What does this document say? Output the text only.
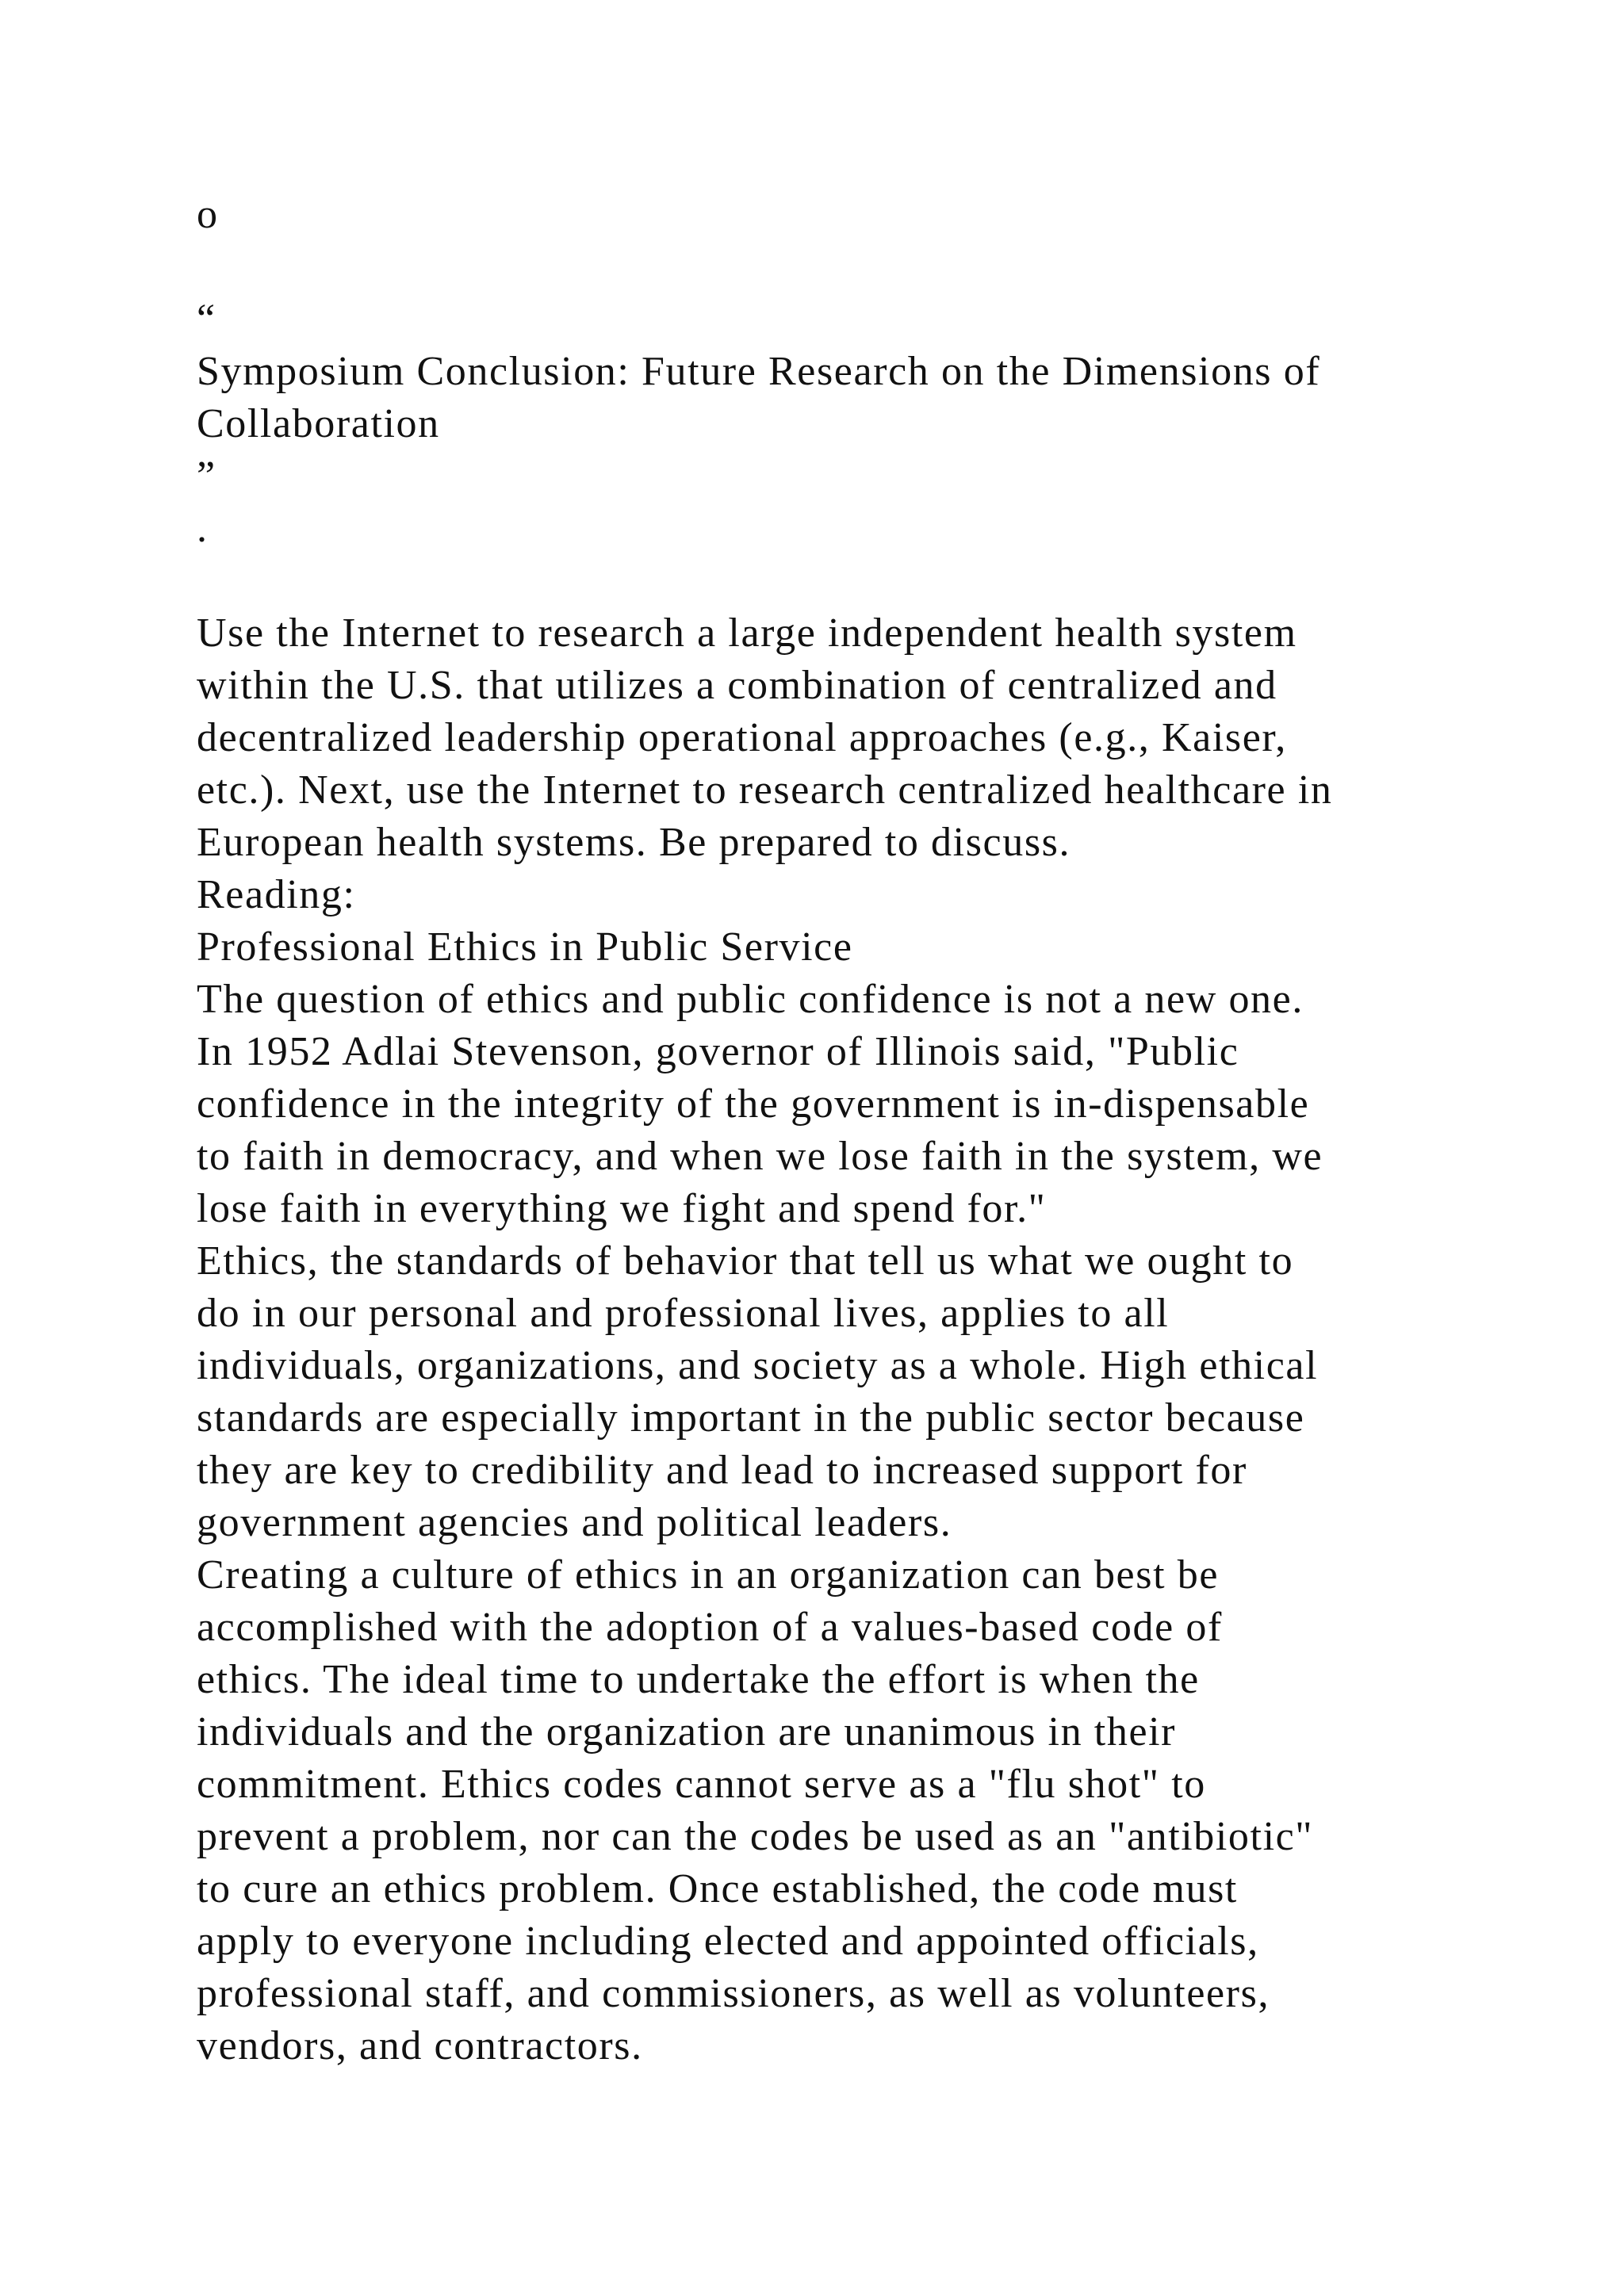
o
“
Symposium Conclusion: Future Research on the Dimensions of
Collaboration
”
.
Use the Internet to research a large independent health system
within the U.S. that utilizes a combination of centralized and
decentralized leadership operational approaches (e.g., Kaiser,
etc.). Next, use the Internet to research centralized healthcare in
European health systems. Be prepared to discuss.
Reading:
Professional Ethics in Public Service
The question of ethics and public confidence is not a new one.
In 1952 Adlai Stevenson, governor of Illinois said, "Public
confidence in the integrity of the government is in-dispensable
to faith in democracy, and when we lose faith in the system, we
lose faith in everything we fight and spend for."
Ethics, the standards of behavior that tell us what we ought to
do in our personal and professional lives, applies to all
individuals, organizations, and society as a whole. High ethical
standards are especially important in the public sector because
they are key to credibility and lead to increased support for
government agencies and political leaders.
Creating a culture of ethics in an organization can best be
accomplished with the adoption of a values-based code of
ethics. The ideal time to undertake the effort is when the
individuals and the organization are unanimous in their
commitment. Ethics codes cannot serve as a "flu shot" to
prevent a problem, nor can the codes be used as an "antibiotic"
to cure an ethics problem. Once established, the code must
apply to everyone including elected and appointed officials,
professional staff, and commissioners, as well as volunteers,
vendors, and contractors.
